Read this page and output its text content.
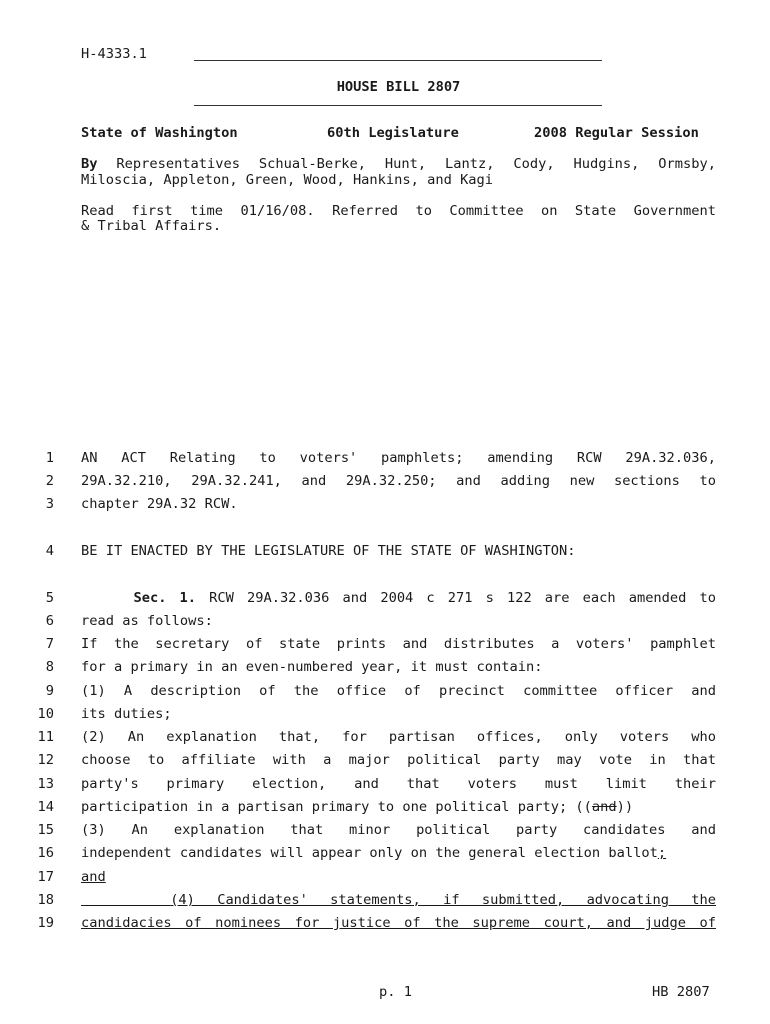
H-4333.1
HOUSE BILL 2807
State of Washington	60th Legislature	2008 Regular Session
By Representatives Schual-Berke, Hunt, Lantz, Cody, Hudgins, Ormsby,
Miloscia, Appleton, Green, Wood, Hankins, and Kagi
Read first time 01/16/08. Referred to Committee on State Government
& Tribal Affairs.
1
2
3
4
5
6
7
8
9
10
11
12
13
14
15
16
17
18
19
AN ACT Relating to voters' pamphlets; amending RCW 29A.32.036,
29A.32.210, 29A.32.241, and 29A.32.250; and adding new sections to
chapter 29A.32 RCW.
BE IT ENACTED BY THE LEGISLATURE OF THE STATE OF WASHINGTON:
Sec. 1. RCW 29A.32.036 and 2004 c 271 s 122 are each amended to
read as follows:
If the secretary of state prints and distributes a voters' pamphlet
for a primary in an even-numbered year, it must contain:
(1) A description of the office of precinct committee officer and
its duties;
(2) An explanation that, for partisan offices, only voters who
choose to affiliate with a major political party may vote in that
party's primary election, and that voters must limit their
participation in a partisan primary to one political party; ((and))
(3) An explanation that minor political party candidates and
independent candidates will appear only on the general election ballot;
and
(4) Candidates' statements, if submitted, advocating the
candidacies of nominees for justice of the supreme court, and judge of
p. 1	HB 2807
